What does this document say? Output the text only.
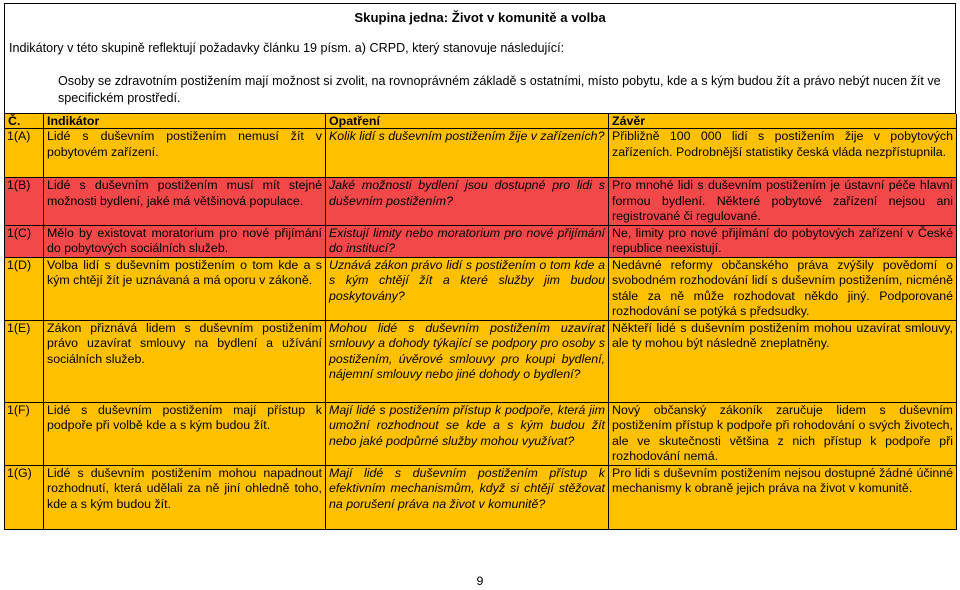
Skupina jedna: Život v komunitě a volba
Indikátory v této skupině reflektují požadavky článku 19 písm. a) CRPD, který stanovuje následující:
Osoby se zdravotním postižením mají možnost si zvolit, na rovnoprávném základě s ostatními, místo pobytu, kde a s kým budou žít a právo nebýt nucen žít ve specifickém prostředí.
Č.	Indikátor	Opatření	Závěr
1(A)	Lidé s duševním postižením nemusí žít v pobytovém zařízení.	Kolik lidí s duševním postižením žije v zařízeních?	Přibližně 100 000 lidí s postižením žije v pobytových zařízeních. Podrobnější statistiky česká vláda nezpřístupnila.
1(B)	Lidé s duševním postižením musí mít stejné možnosti bydlení, jaké má většinová populace.	Jaké možnosti bydlení jsou dostupné pro lidi s duševním postižením?	Pro mnohé lidi s duševním postižením je ústavní péče hlavní formou bydlení. Některé pobytové zařízení nejsou ani registrované či regulované.
1(C)	Mělo by existovat moratorium pro nové přijímání do pobytových sociálních služeb.	Existují limity nebo moratorium pro nové přijímání do institucí?	Ne, limity pro nové přijímání do pobytových zařízení v České republice neexistují.
1(D)	Volba lidí s duševním postižením o tom kde a s kým chtějí žít je uznávaná a má oporu v zákoně.	Uznává zákon právo lidí s postižením o tom kde a s kým chtějí žít a které služby jim budou poskytovány?	Nedávné reformy občanského práva zvýšily povědomí o svobodném rozhodování lidí s duševním postižením, nicméně stále za ně může rozhodovat někdo jiný. Podporované rozhodování se potýká s předsudky.
1(E)	Zákon přiznává lidem s duševním postižením právo uzavírat smlouvy na bydlení a užívání sociálních služeb.	Mohou lidé s duševním postižením uzavírat smlouvy a dohody týkající se podpory pro osoby s postižením, úvěrové smlouvy pro koupi bydlení, nájemní smlouvy nebo jiné dohody o bydlení?	Někteří lidé s duševním postižením mohou uzavírat smlouvy, ale ty mohou být následně zneplatněny.
1(F)	Lidé s duševním postižením mají přístup k podpoře při volbě kde a s kým budou žít.	Mají lidé s postižením přístup k podpoře, která jim umožní rozhodnout se kde a s kým budou žít nebo jaké podpůrné služby mohou využívat?	Nový občanský zákoník zaručuje lidem s duševním postižením přístup k podpoře při rohodování o svých životech, ale ve skutečnosti většina z nich přístup k podpoře při rozhodování nemá.
1(G)	Lidé s duševním postižením mohou napadnout rozhodnutí, která udělali za ně jiní ohledně toho, kde a s kým budou žít.	Mají lidé s duševním postižením přístup k efektivním mechanismům, když si chtějí stěžovat na porušení práva na život v komunitě?	Pro lidi s duševním postižením nejsou dostupné žádné účinné mechanismy k obraně jejich práva na život v komunitě.
9
